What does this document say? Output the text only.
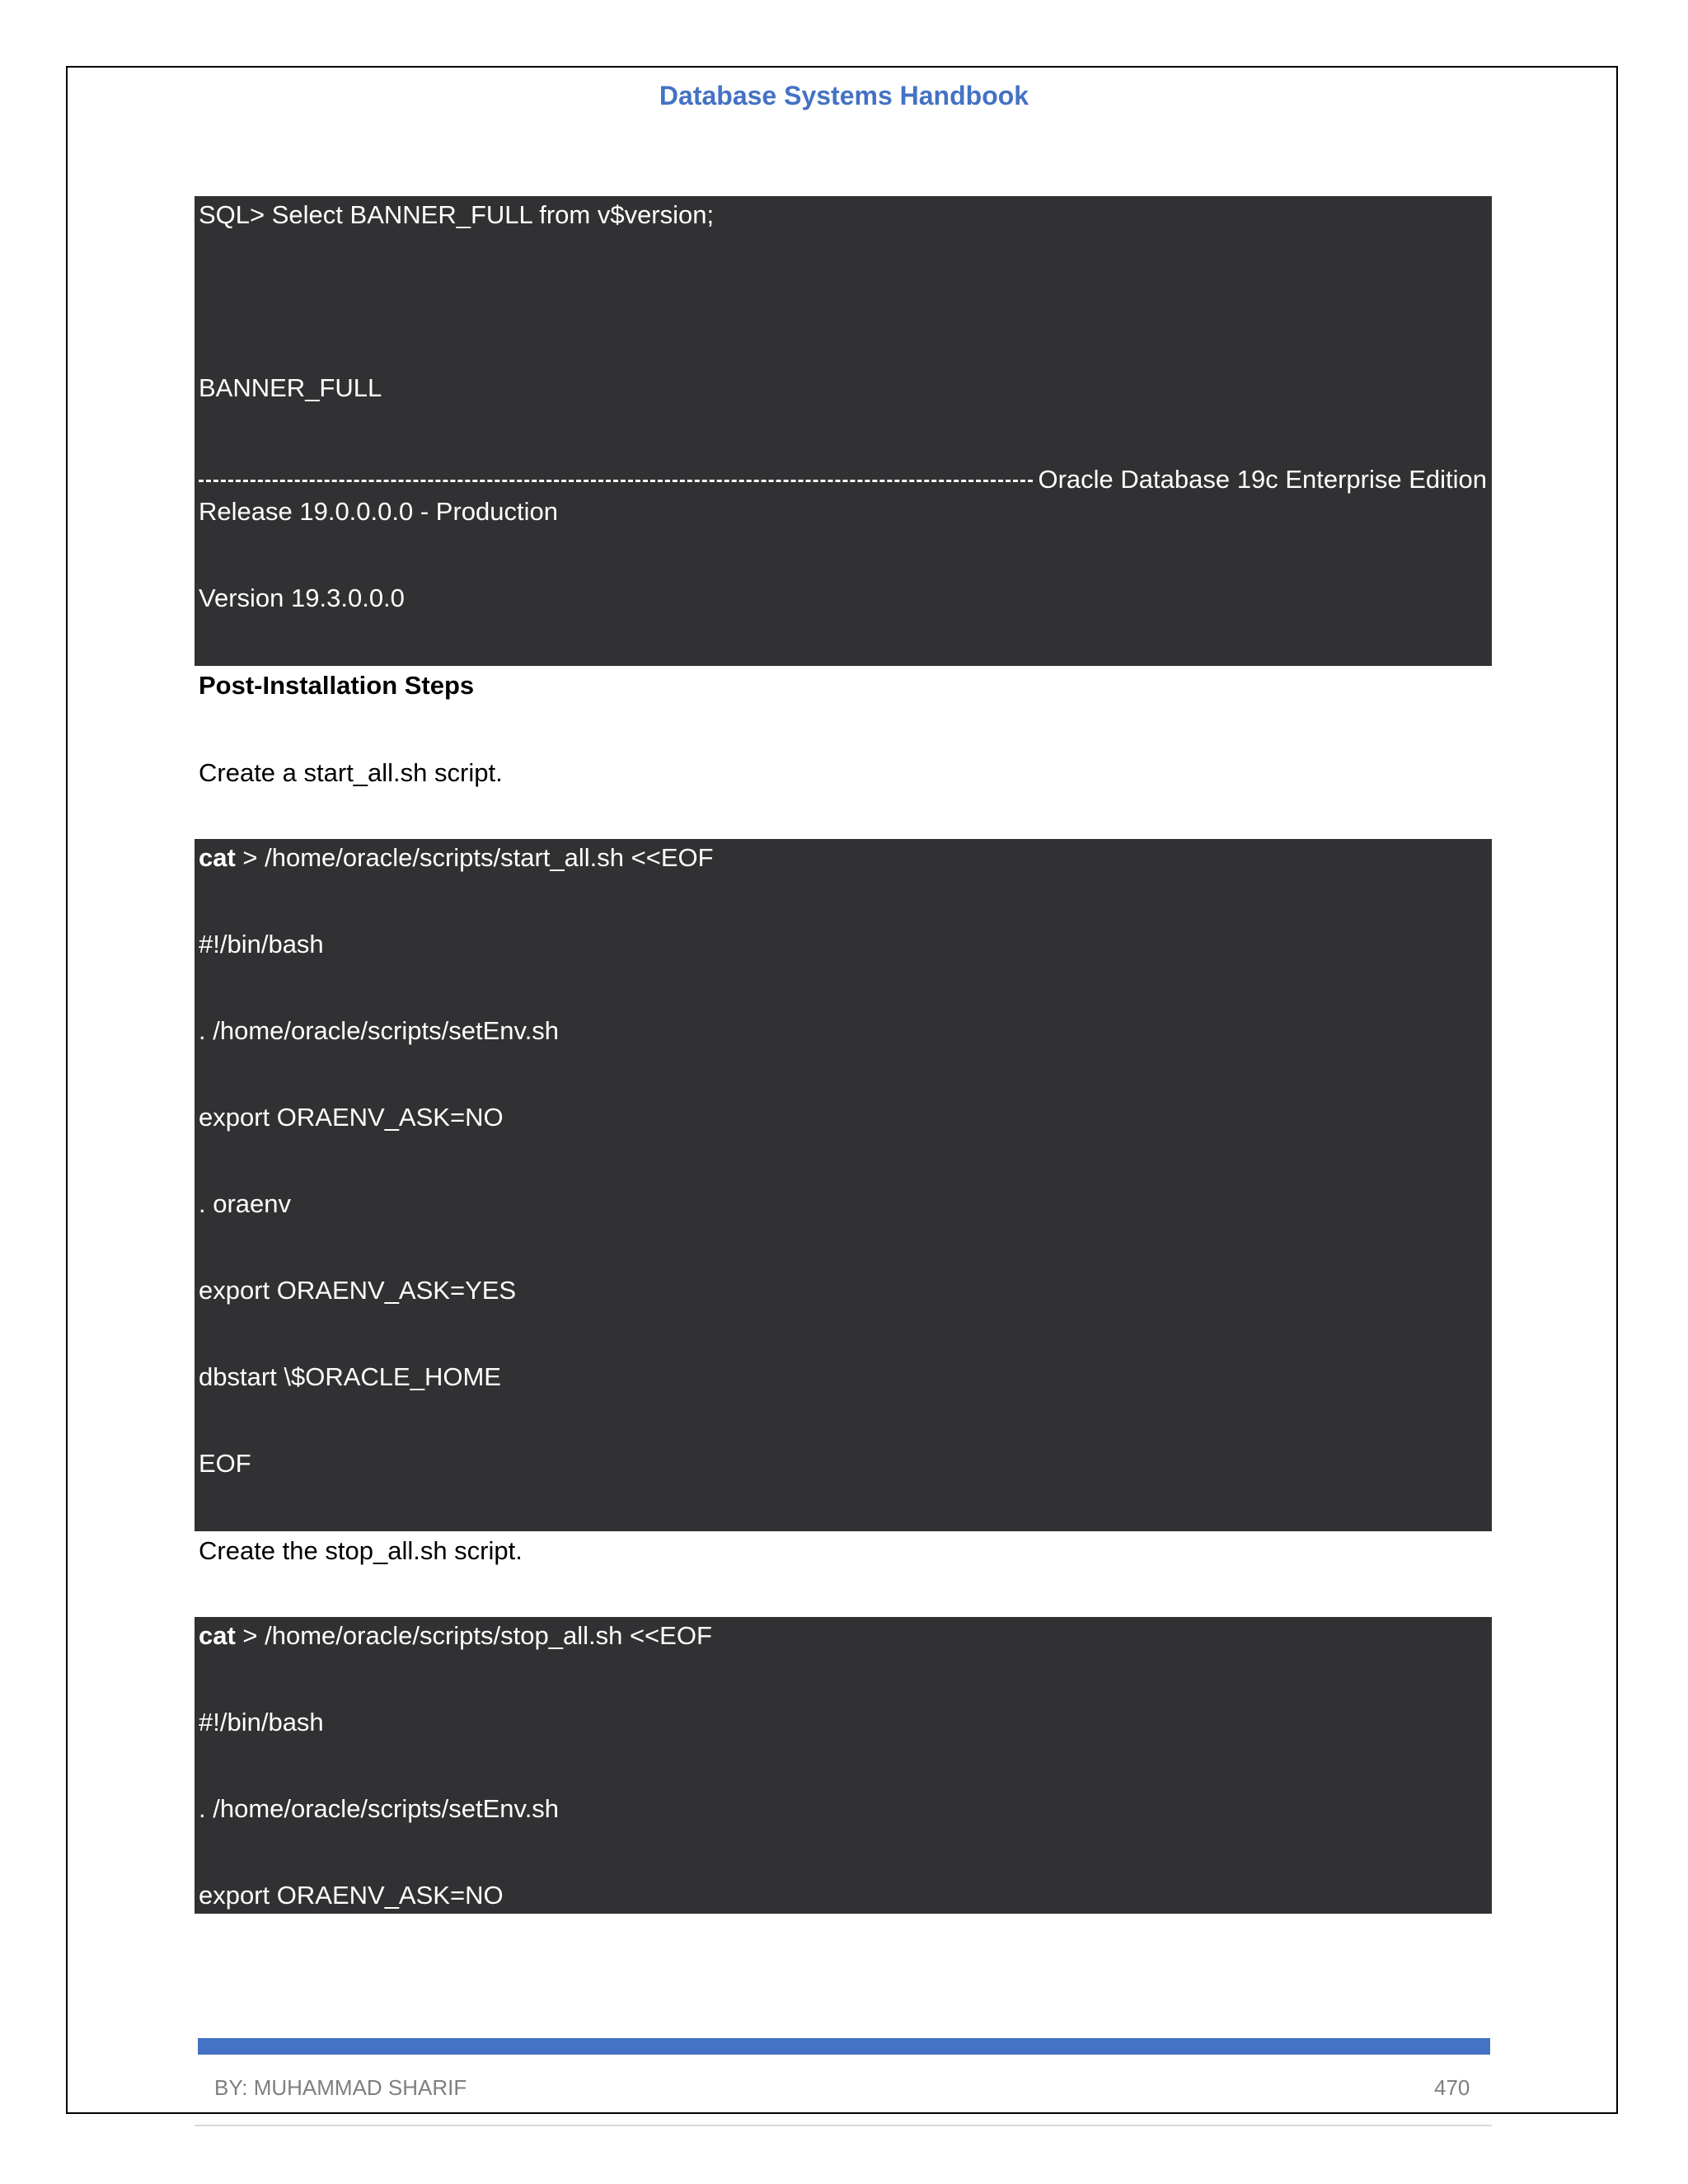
Database Systems Handbook
SQL> Select BANNER_FULL from v$version;
BANNER_FULL
Oracle Database 19c Enterprise Edition
Release 19.0.0.0.0 - Production
Version 19.3.0.0.0
Post-Installation Steps
Create a start_all.sh script.
cat > /home/oracle/scripts/start_all.sh <<EOF
#!/bin/bash
. /home/oracle/scripts/setEnv.sh
export ORAENV_ASK=NO
. oraenv
export ORAENV_ASK=YES
dbstart \$ORACLE_HOME
EOF
Create the stop_all.sh script.
cat > /home/oracle/scripts/stop_all.sh <<EOF
#!/bin/bash
. /home/oracle/scripts/setEnv.sh
export ORAENV_ASK=NO
BY: MUHAMMAD SHARIF	470
